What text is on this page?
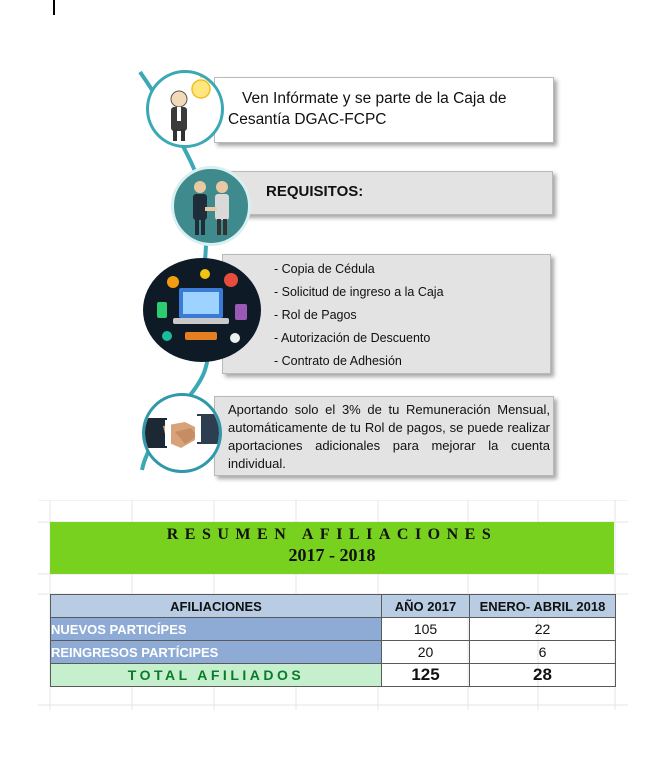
Ven Infórmate y se parte de la Caja de
Cesantía DGAC-FCPC
REQUISITOS:
- Copia de Cédula
- Solicitud de ingreso a la Caja
- Rol de Pagos
- Autorización de Descuento
- Contrato de Adhesión
Aportando solo el 3% de tu Remuneración Mensual, automáticamente de tu Rol de pagos, se puede realizar aportaciones adicionales para mejorar la cuenta individual.
RESUMEN AFILIACIONES
2017 - 2018
AFILIACIONES	AÑO 2017	ENERO- ABRIL 2018
NUEVOS PARTICÍPES	105	22
REINGRESOS PARTÍCIPES	20	6
TOTAL AFILIADOS	125	28
